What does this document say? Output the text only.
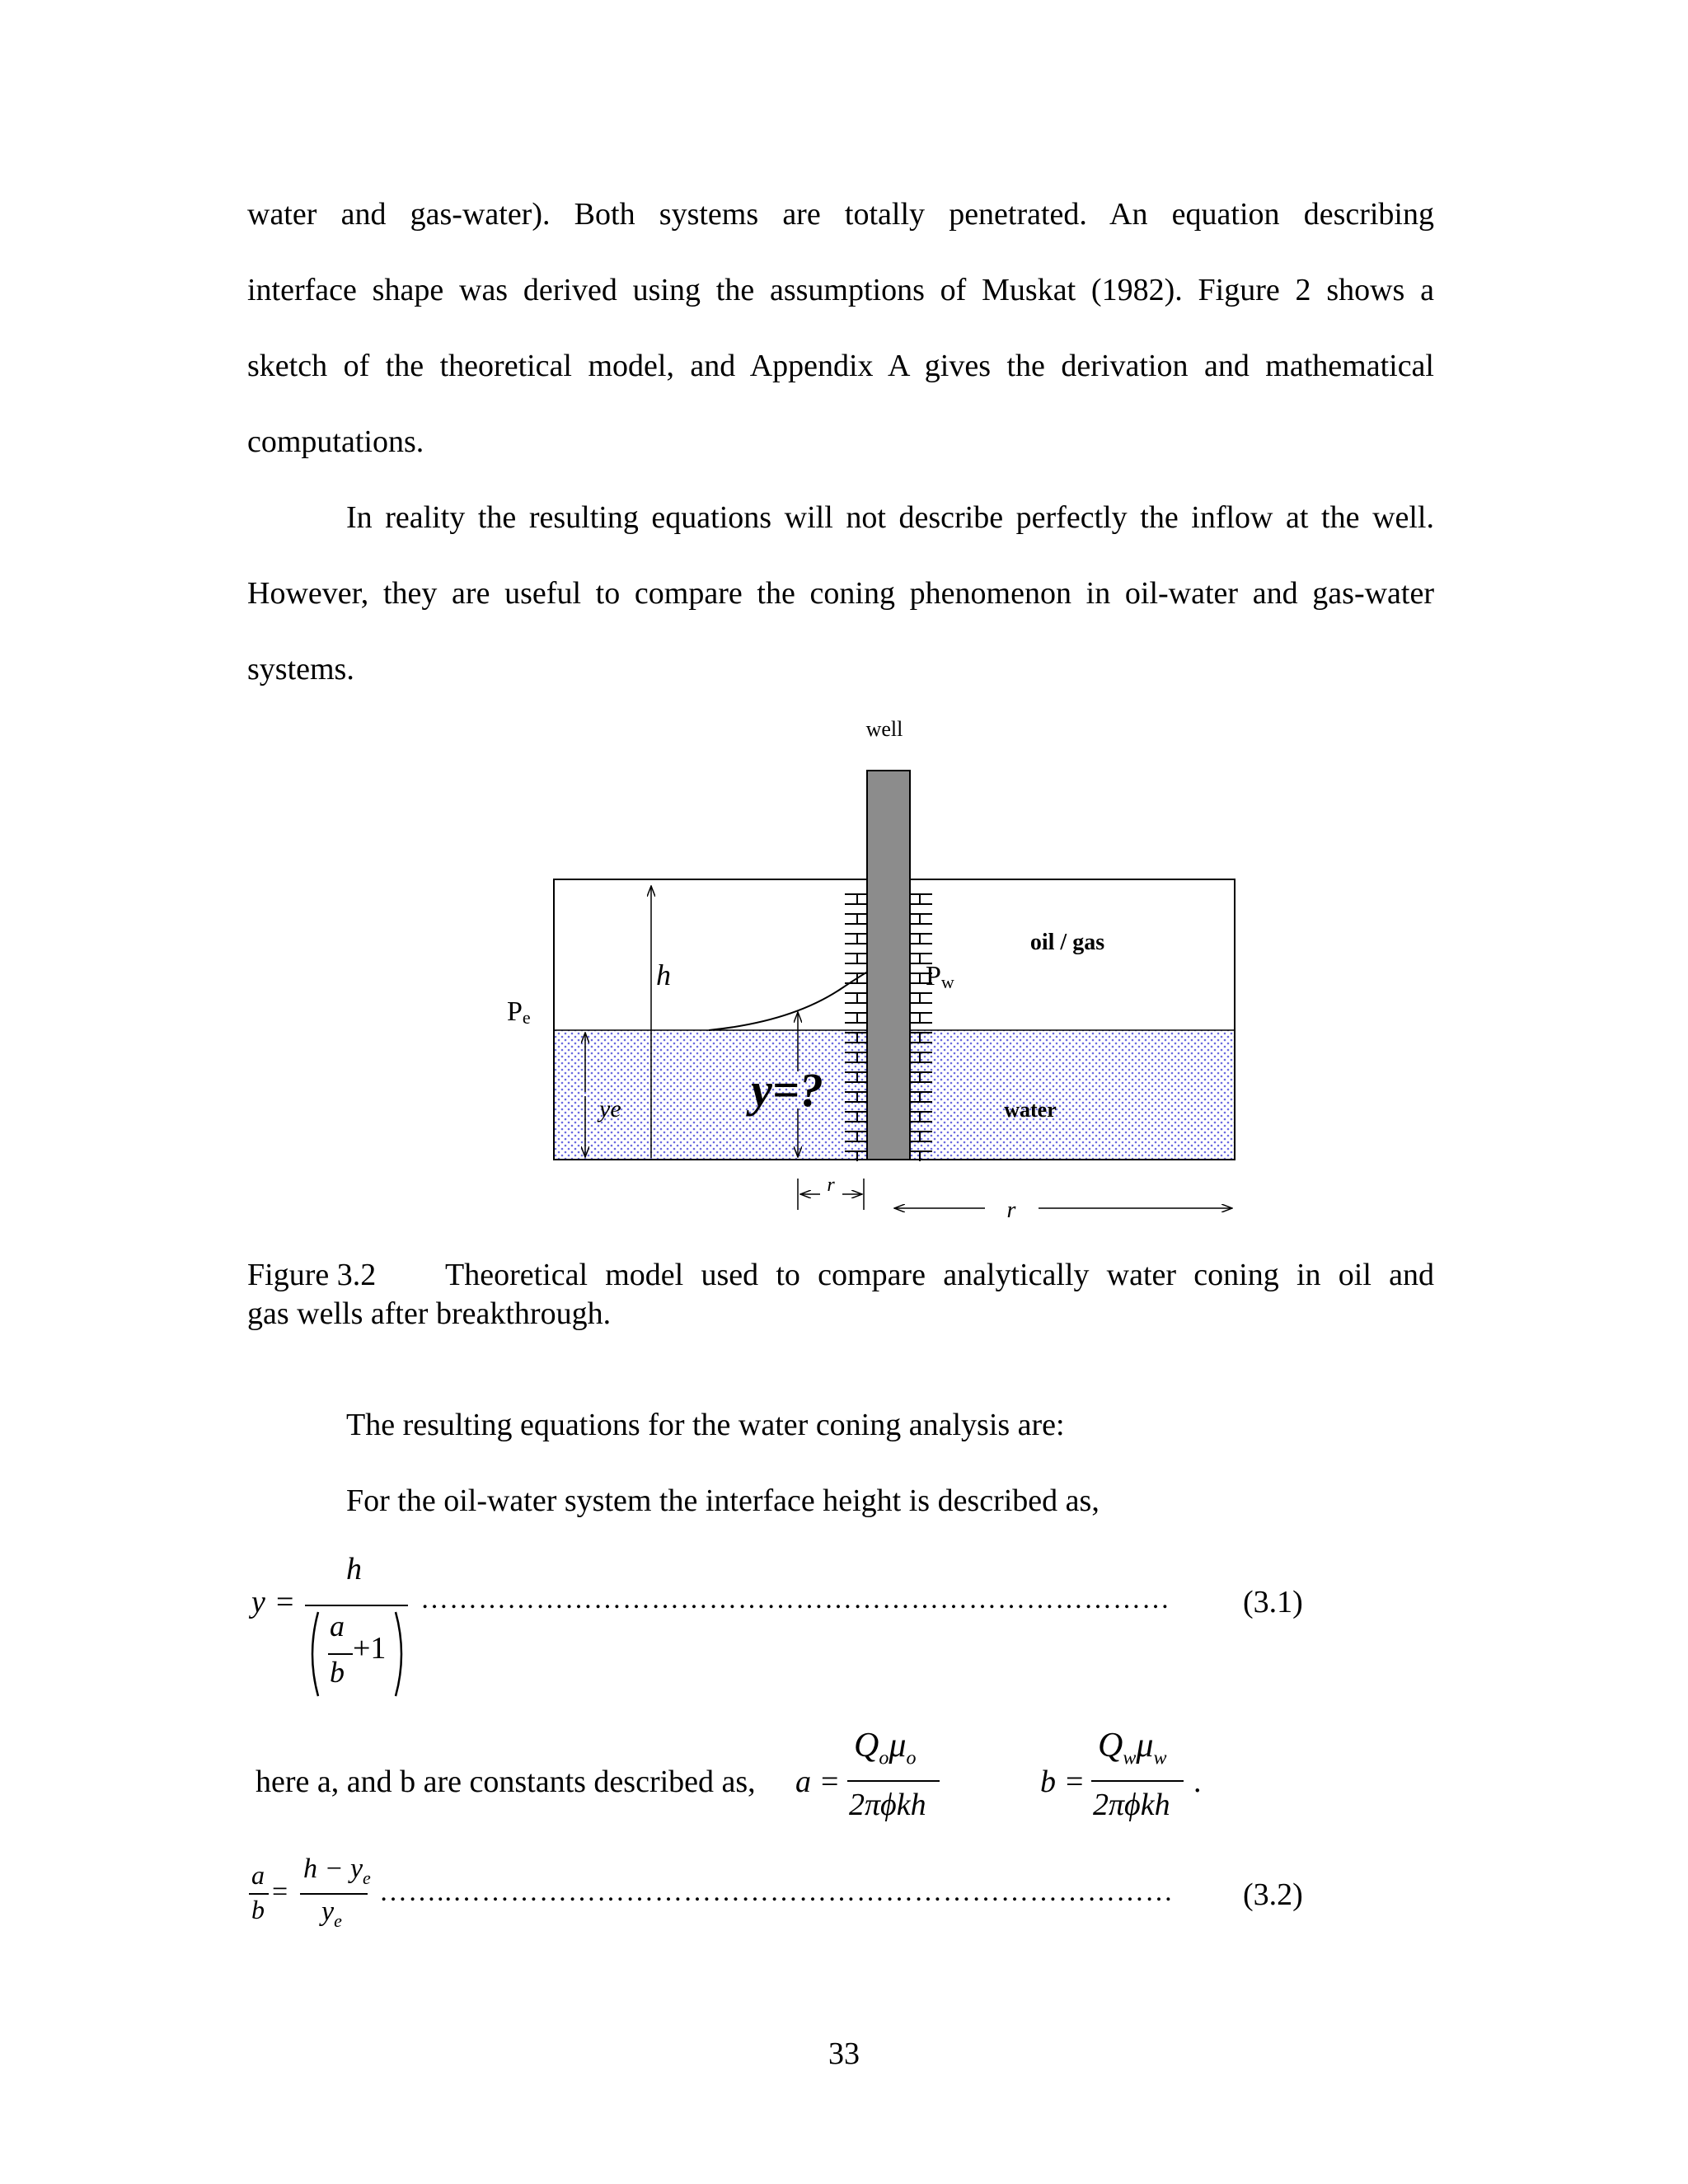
water and gas-water). Both systems are totally penetrated. An equation describing
interface shape was derived using the assumptions of Muskat (1982). Figure 2 shows a
sketch of the theoretical model, and Appendix A gives the derivation and mathematical
computations.
In reality the resulting equations will not describe perfectly the inflow at the well.
However, they are useful to compare the coning phenomenon in oil-water and gas-water
systems.
well
oil / gas
water
h	Pw
Pe
ye	y=?
r
r
Figure 3.2 Theoretical model used to compare analytically water coning in oil and
gas wells after breakthrough.
The resulting equations for the water coning analysis are:
For the oil-water system the interface height is described as,
y =
h
a
b
+1
…………………………………………………………………… (3.1)
here a, and b are constants described as, a =
$Q_o\mu_o$
2πϕkh
b =
$Q_w\mu_w$
2πϕkh
.
a
b
=
$h - y_e$
$y_e$
……..………………………………………………………………… (3.2)
33
